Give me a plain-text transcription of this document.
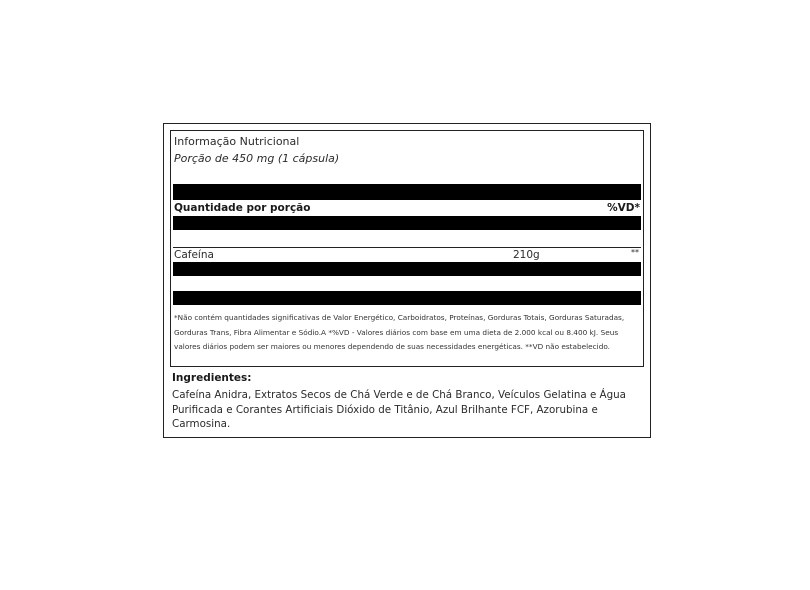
Informação Nutricional
Porção de 450 mg (1 cápsula)
Quantidade por porção	%VD*
Cafeína	210g	**
*Não contém quantidades significativas de Valor Energético, Carboidratos, Proteínas, Gorduras Totais, Gorduras Saturadas, Gorduras Trans, Fibra Alimentar e Sódio.A *%VD - Valores diários com base em uma dieta de 2.000 kcal ou 8.400 kJ. Seus valores diários podem ser maiores ou menores dependendo de suas necessidades energéticas. **VD não estabelecido.
Ingredientes:
Cafeína Anidra, Extratos Secos de Chá Verde e de Chá Branco, Veículos Gelatina e Água Purificada e Corantes Artificiais Dióxido de Titânio, Azul Brilhante FCF, Azorubina e Carmosina.
